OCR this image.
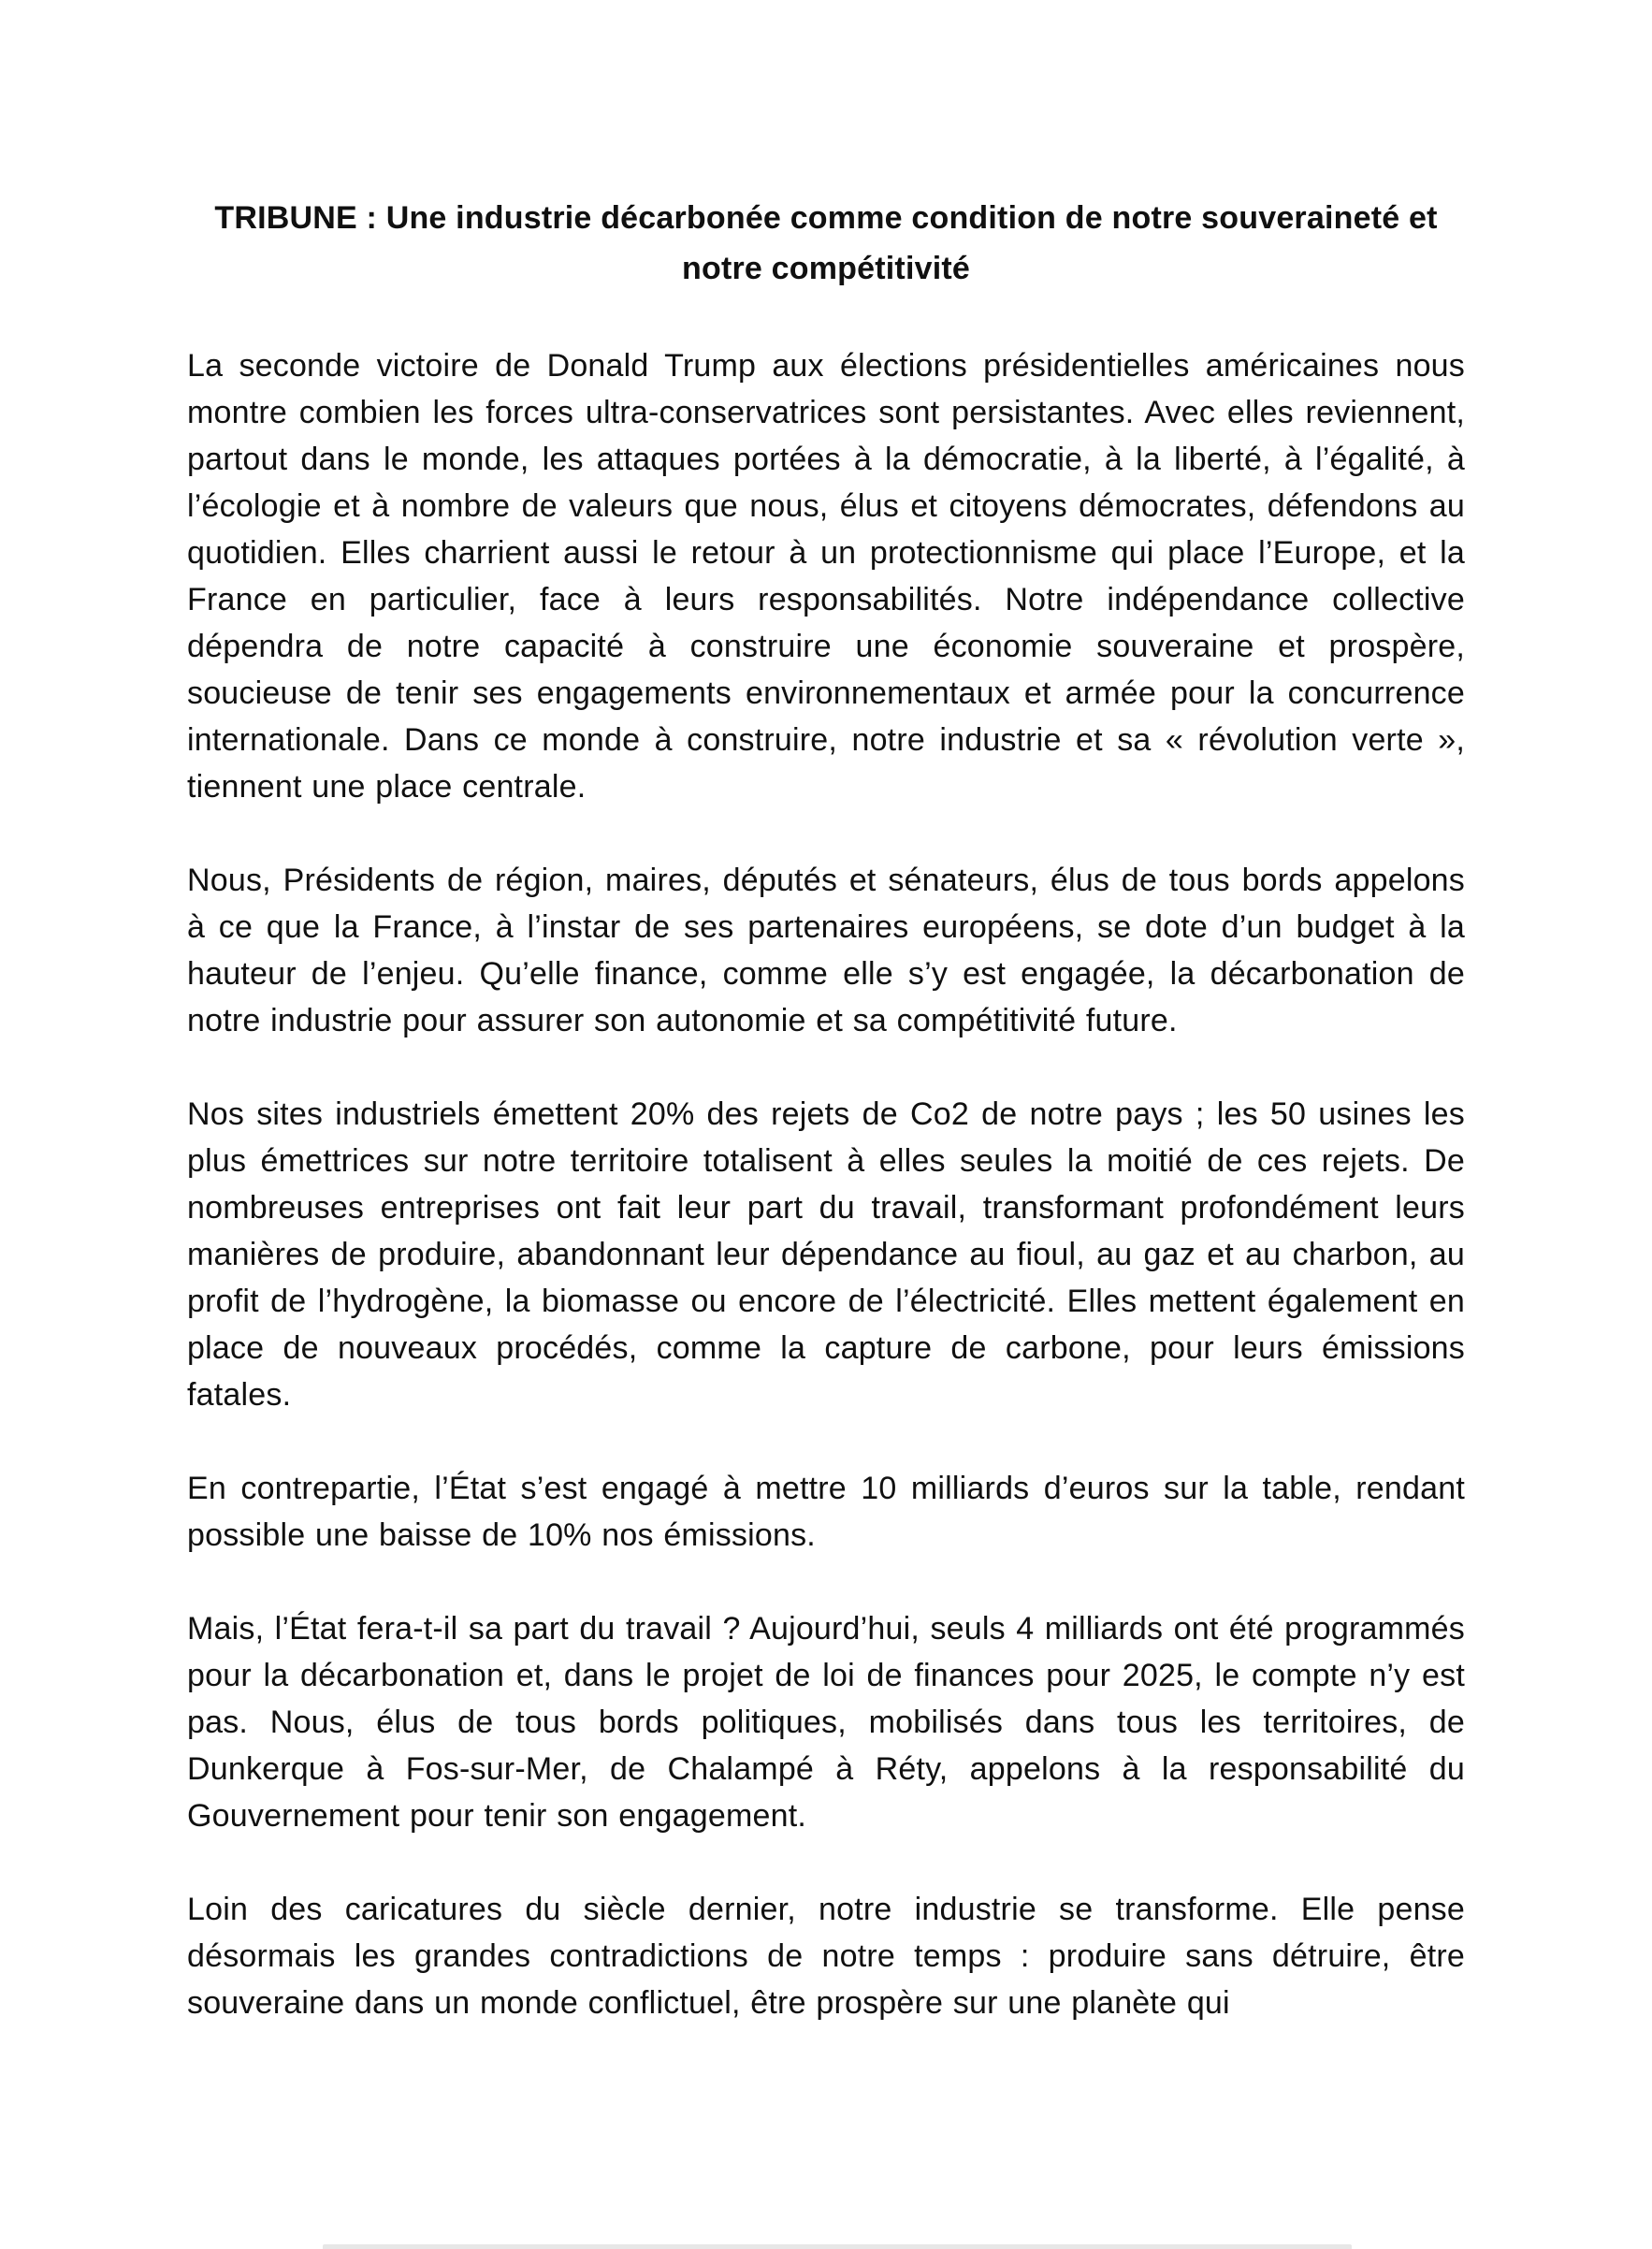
TRIBUNE : Une industrie décarbonée comme condition de notre souveraineté et notre compétitivité

La seconde victoire de Donald Trump aux élections présidentielles américaines nous montre combien les forces ultra-conservatrices sont persistantes. Avec elles reviennent, partout dans le monde, les attaques portées à la démocratie, à la liberté, à l’égalité, à l’écologie et à nombre de valeurs que nous, élus et citoyens démocrates, défendons au quotidien. Elles charrient aussi le retour à un protectionnisme qui place l’Europe, et la France en particulier, face à leurs responsabilités. Notre indépendance collective dépendra de notre capacité à construire une économie souveraine et prospère, soucieuse de tenir ses engagements environnementaux et armée pour la concurrence internationale. Dans ce monde à construire, notre industrie et sa « révolution verte », tiennent une place centrale.

Nous, Présidents de région, maires, députés et sénateurs, élus de tous bords appelons à ce que la France, à l’instar de ses partenaires européens, se dote d’un budget à la hauteur de l’enjeu. Qu’elle finance, comme elle s’y est engagée, la décarbonation de notre industrie pour assurer son autonomie et sa compétitivité future.

Nos sites industriels émettent 20% des rejets de Co2 de notre pays ; les 50 usines les plus émettrices sur notre territoire totalisent à elles seules la moitié de ces rejets. De nombreuses entreprises ont fait leur part du travail, transformant profondément leurs manières de produire, abandonnant leur dépendance au fioul, au gaz et au charbon, au profit de l’hydrogène, la biomasse ou encore de l’électricité. Elles mettent également en place de nouveaux procédés, comme la capture de carbone, pour leurs émissions fatales.

En contrepartie, l’État s’est engagé à mettre 10 milliards d’euros sur la table, rendant possible une baisse de 10% nos émissions.

Mais, l’État fera-t-il sa part du travail ? Aujourd’hui, seuls 4 milliards ont été programmés pour la décarbonation et, dans le projet de loi de finances pour 2025, le compte n’y est pas. Nous, élus de tous bords politiques, mobilisés dans tous les territoires, de Dunkerque à Fos-sur-Mer, de Chalampé à Réty, appelons à la responsabilité du Gouvernement pour tenir son engagement.

Loin des caricatures du siècle dernier, notre industrie se transforme. Elle pense désormais les grandes contradictions de notre temps : produire sans détruire, être souveraine dans un monde conflictuel, être prospère sur une planète qui
